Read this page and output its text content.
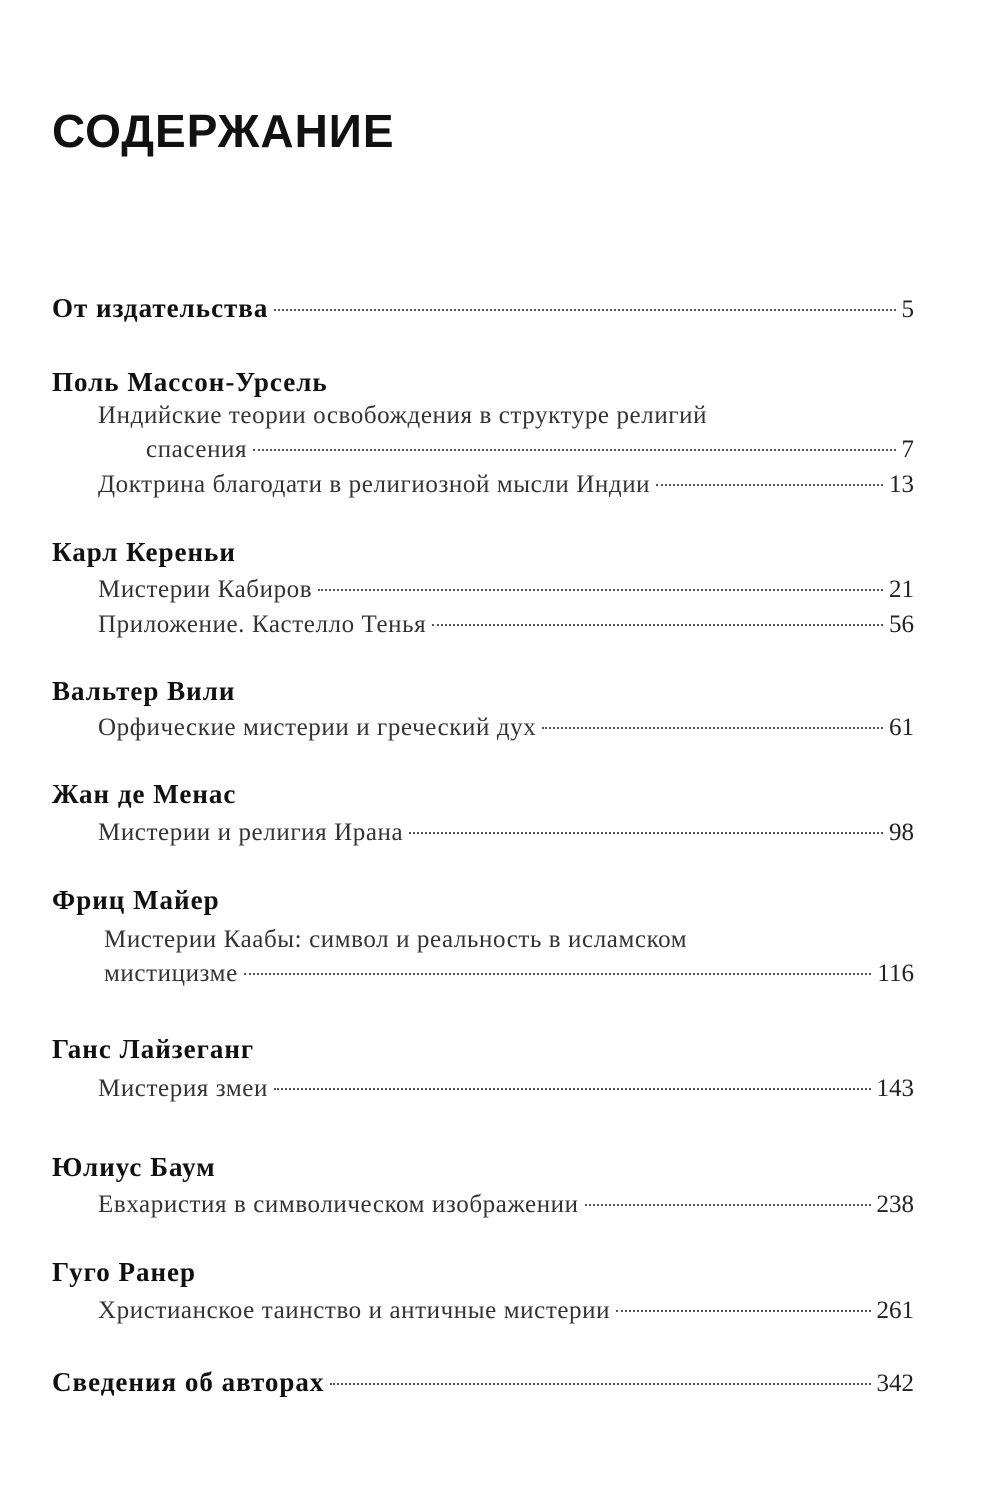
СОДЕРЖАНИЕ
От издательства	5
Поль Массон-Урсель
Индийские теории освобождения в структуре религий
спасения	7
Доктрина благодати в религиозной мысли Индии	13
Карл Кереньи
Мистерии Кабиров	21
Приложение. Кастелло Тенья	56
Вальтер Вили
Орфические мистерии и греческий дух	61
Жан де Менас
Мистерии и религия Ирана	98
Фриц Майер
Мистерии Каабы: символ и реальность в исламском
мистицизме	116
Ганс Лайзеганг
Мистерия змеи	143
Юлиус Баум
Евхаристия в символическом изображении	238
Гуго Ранер
Христианское таинство и античные мистерии	261
Сведения об авторах	342
